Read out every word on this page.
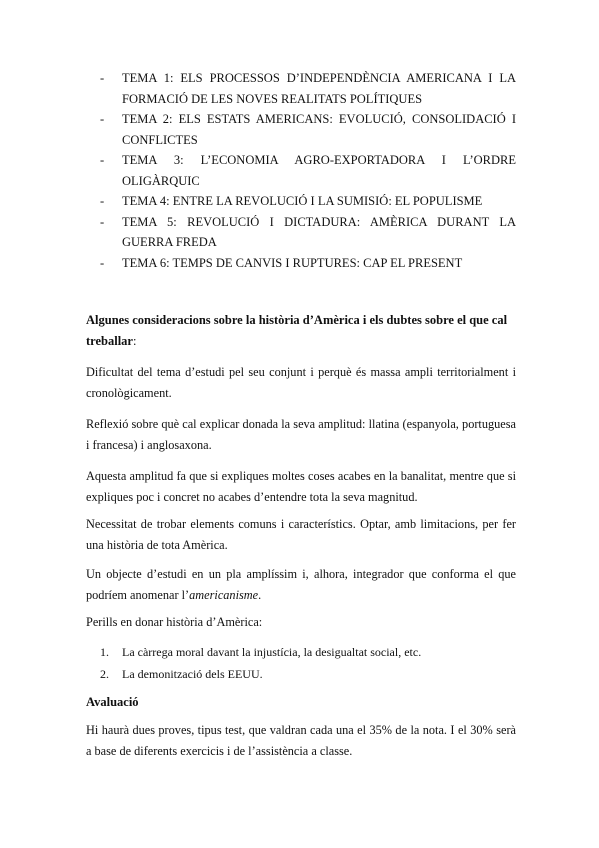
- TEMA 1: ELS PROCESSOS D’INDEPENDÈNCIA AMERICANA I LA FORMACIÓ DE LES NOVES REALITATS POLÍTIQUES
- TEMA 2: ELS ESTATS AMERICANS: EVOLUCIÓ, CONSOLIDACIÓ I CONFLICTES
- TEMA 3: L’ECONOMIA AGRO-EXPORTADORA I L’ORDRE OLIGÀRQUIC
- TEMA 4: ENTRE LA REVOLUCIÓ I LA SUMISIÓ: EL POPULISME
- TEMA 5: REVOLUCIÓ I DICTADURA: AMÈRICA DURANT LA GUERRA FREDA
- TEMA 6: TEMPS DE CANVIS I RUPTURES: CAP EL PRESENT
Algunes consideracions sobre la història d’Amèrica i els dubtes sobre el que cal treballar:
Dificultat del tema d’estudi pel seu conjunt i perquè és massa ampli territorialment i cronològicament.
Reflexió sobre què cal explicar donada la seva amplitud: llatina (espanyola, portuguesa i francesa) i anglosaxona.
Aquesta amplitud fa que si expliques moltes coses acabes en la banalitat, mentre que si expliques poc i concret no acabes d’entendre tota la seva magnitud.
Necessitat de trobar elements comuns i característics. Optar, amb limitacions, per fer una història de tota Amèrica.
Un objecte d’estudi en un pla amplíssim i, alhora, integrador que conforma el que podríem anomenar l’americanisme.
Perills en donar història d’Amèrica:
1. La càrrega moral davant la injustícia, la desigualtat social, etc.
2. La demonització dels EEUU.
Avaluació
Hi haurà dues proves, tipus test, que valdran cada una el 35% de la nota. I el 30% serà a base de diferents exercicis i de l’assistència a classe.
